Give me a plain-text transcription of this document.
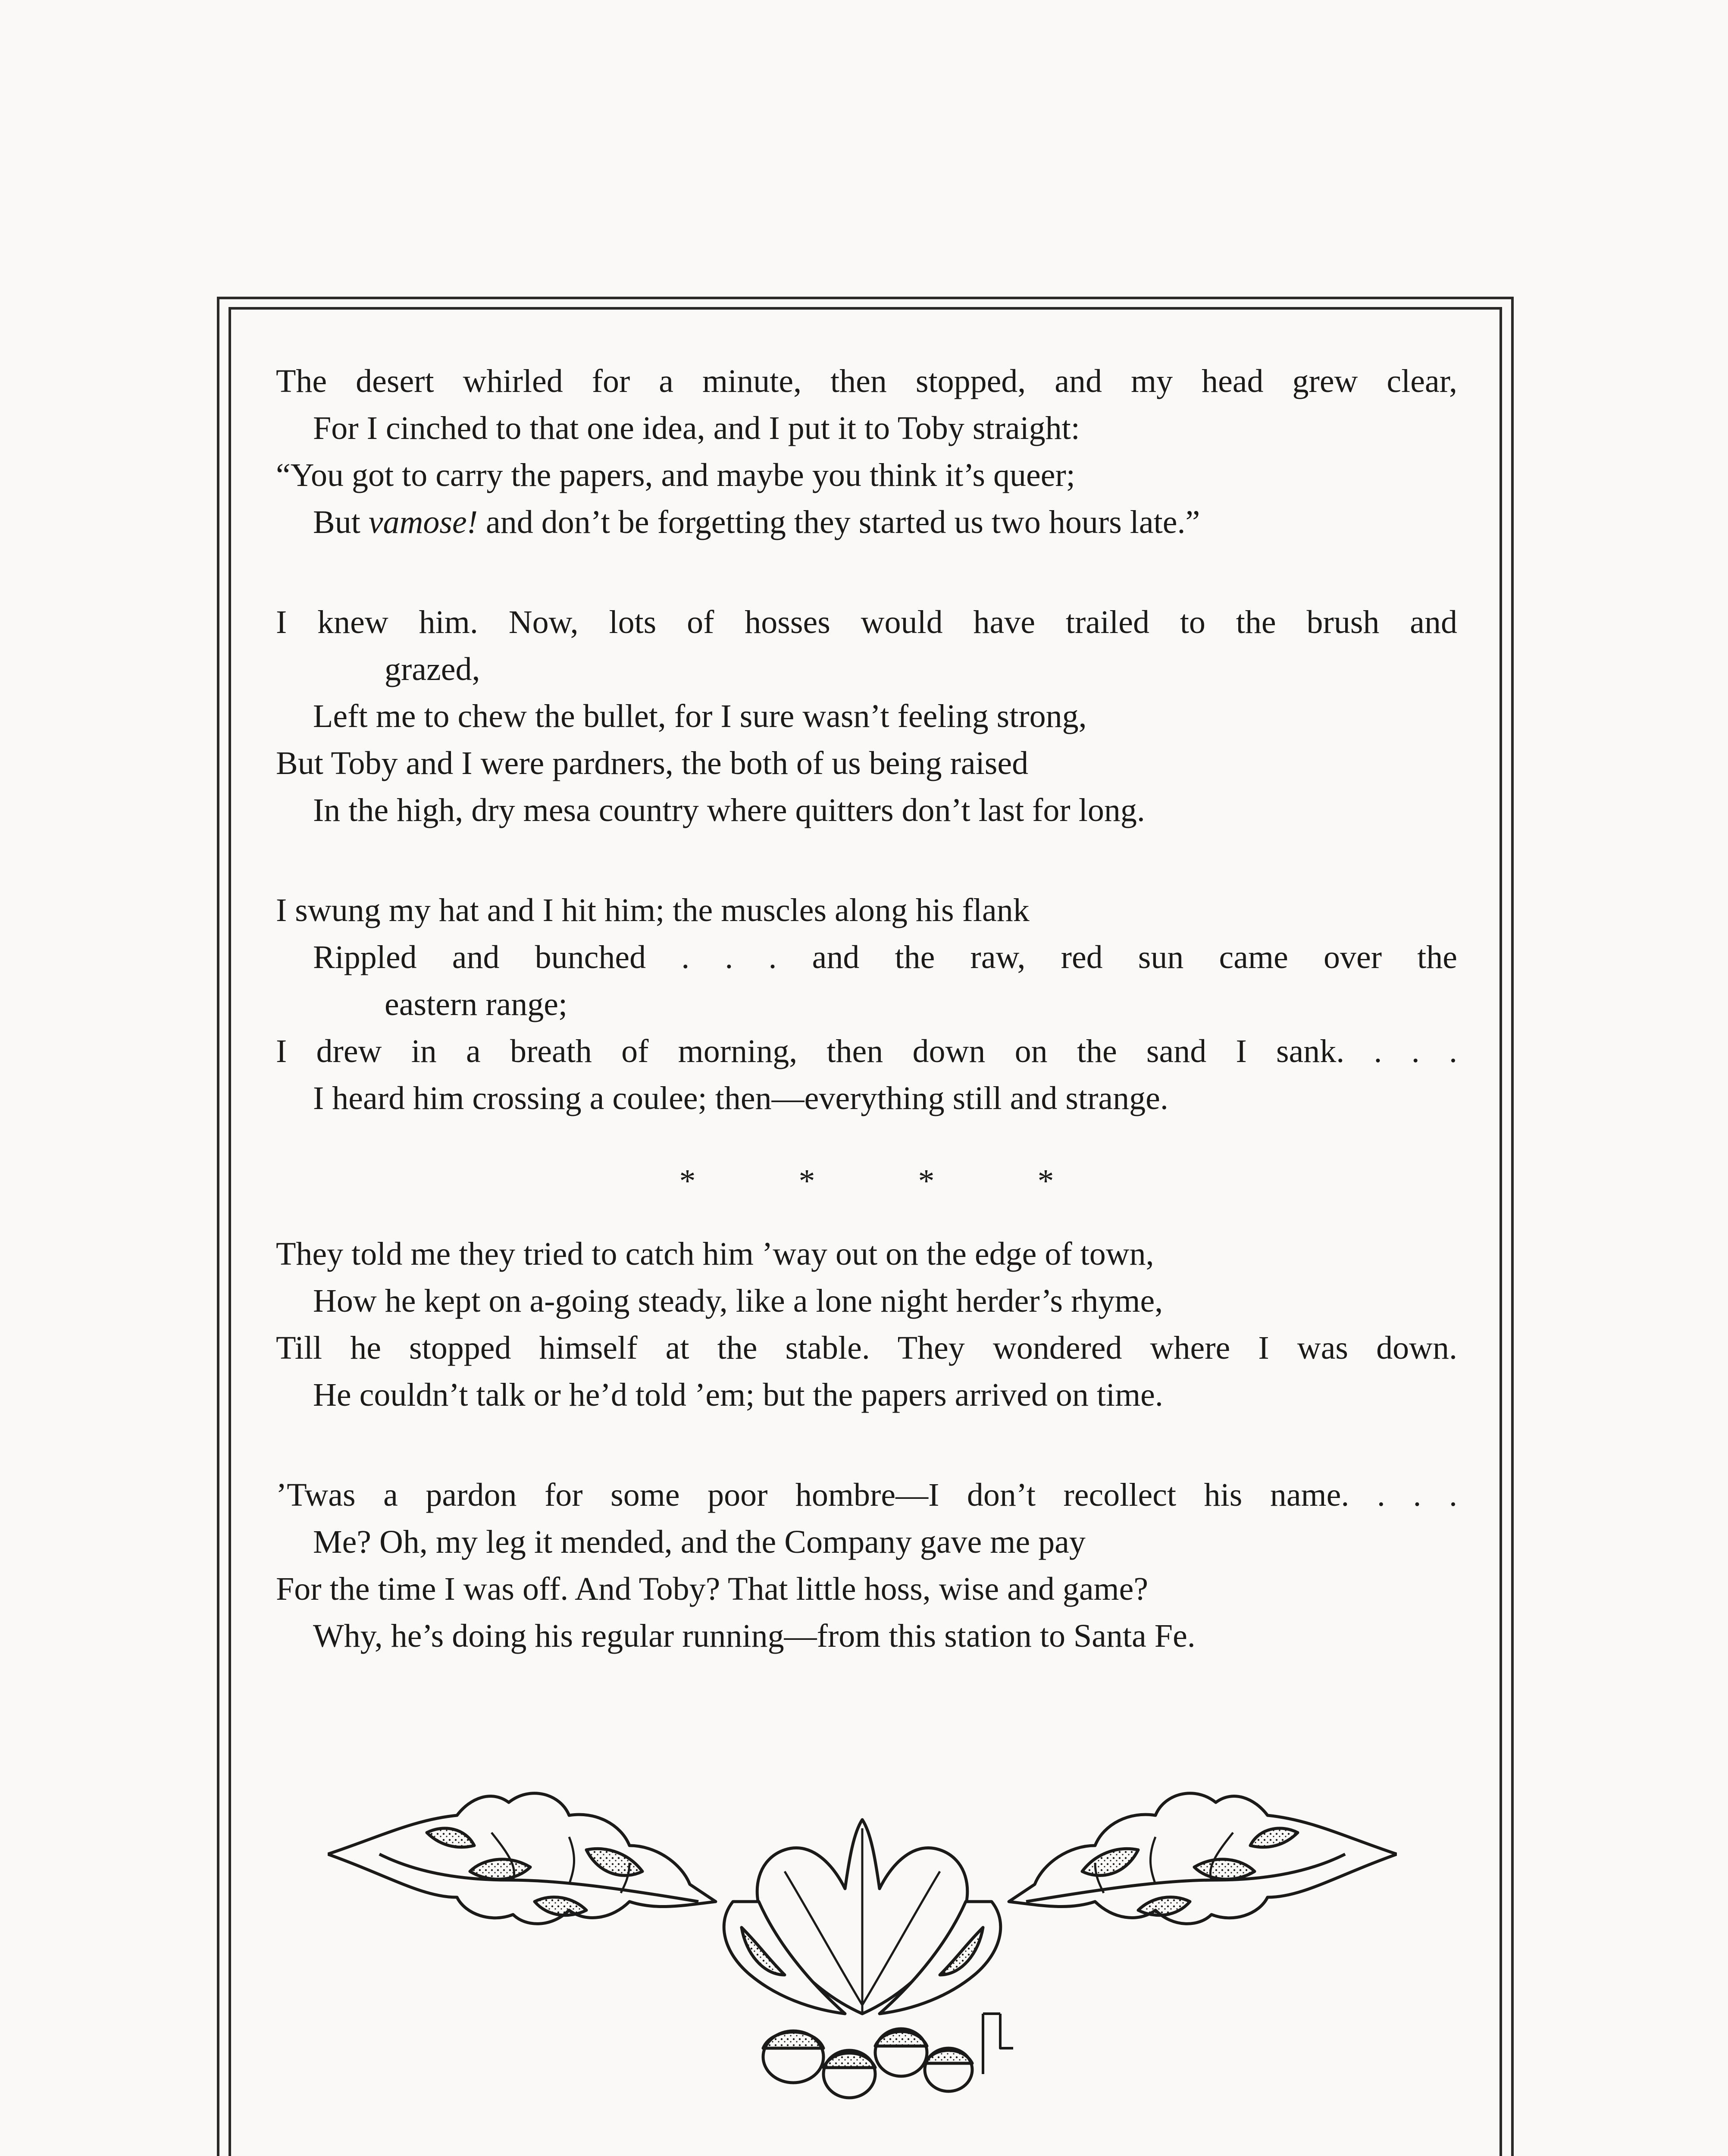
The desert whirled for a minute, then stopped, and my head grew clear,
For I cinched to that one idea, and I put it to Toby straight:
“You got to carry the papers, and maybe you think it’s queer;
But vamose! and don’t be forgetting they started us two hours late.”
I knew him. Now, lots of hosses would have trailed to the brush and
grazed,
Left me to chew the bullet, for I sure wasn’t feeling strong,
But Toby and I were pardners, the both of us being raised
In the high, dry mesa country where quitters don’t last for long.
I swung my hat and I hit him; the muscles along his flank
Rippled and bunched . . . and the raw, red sun came over the
eastern range;
I drew in a breath of morning, then down on the sand I sank. . . .
I heard him crossing a coulee; then—everything still and strange.
* * * *
They told me they tried to catch him ’way out on the edge of town,
How he kept on a-going steady, like a lone night herder’s rhyme,
Till he stopped himself at the stable. They wondered where I was down.
He couldn’t talk or he’d told ’em; but the papers arrived on time.
’Twas a pardon for some poor hombre—I don’t recollect his name. . . .
Me? Oh, my leg it mended, and the Company gave me pay
For the time I was off. And Toby? That little hoss, wise and game?
Why, he’s doing his regular running—from this station to Santa Fe.
